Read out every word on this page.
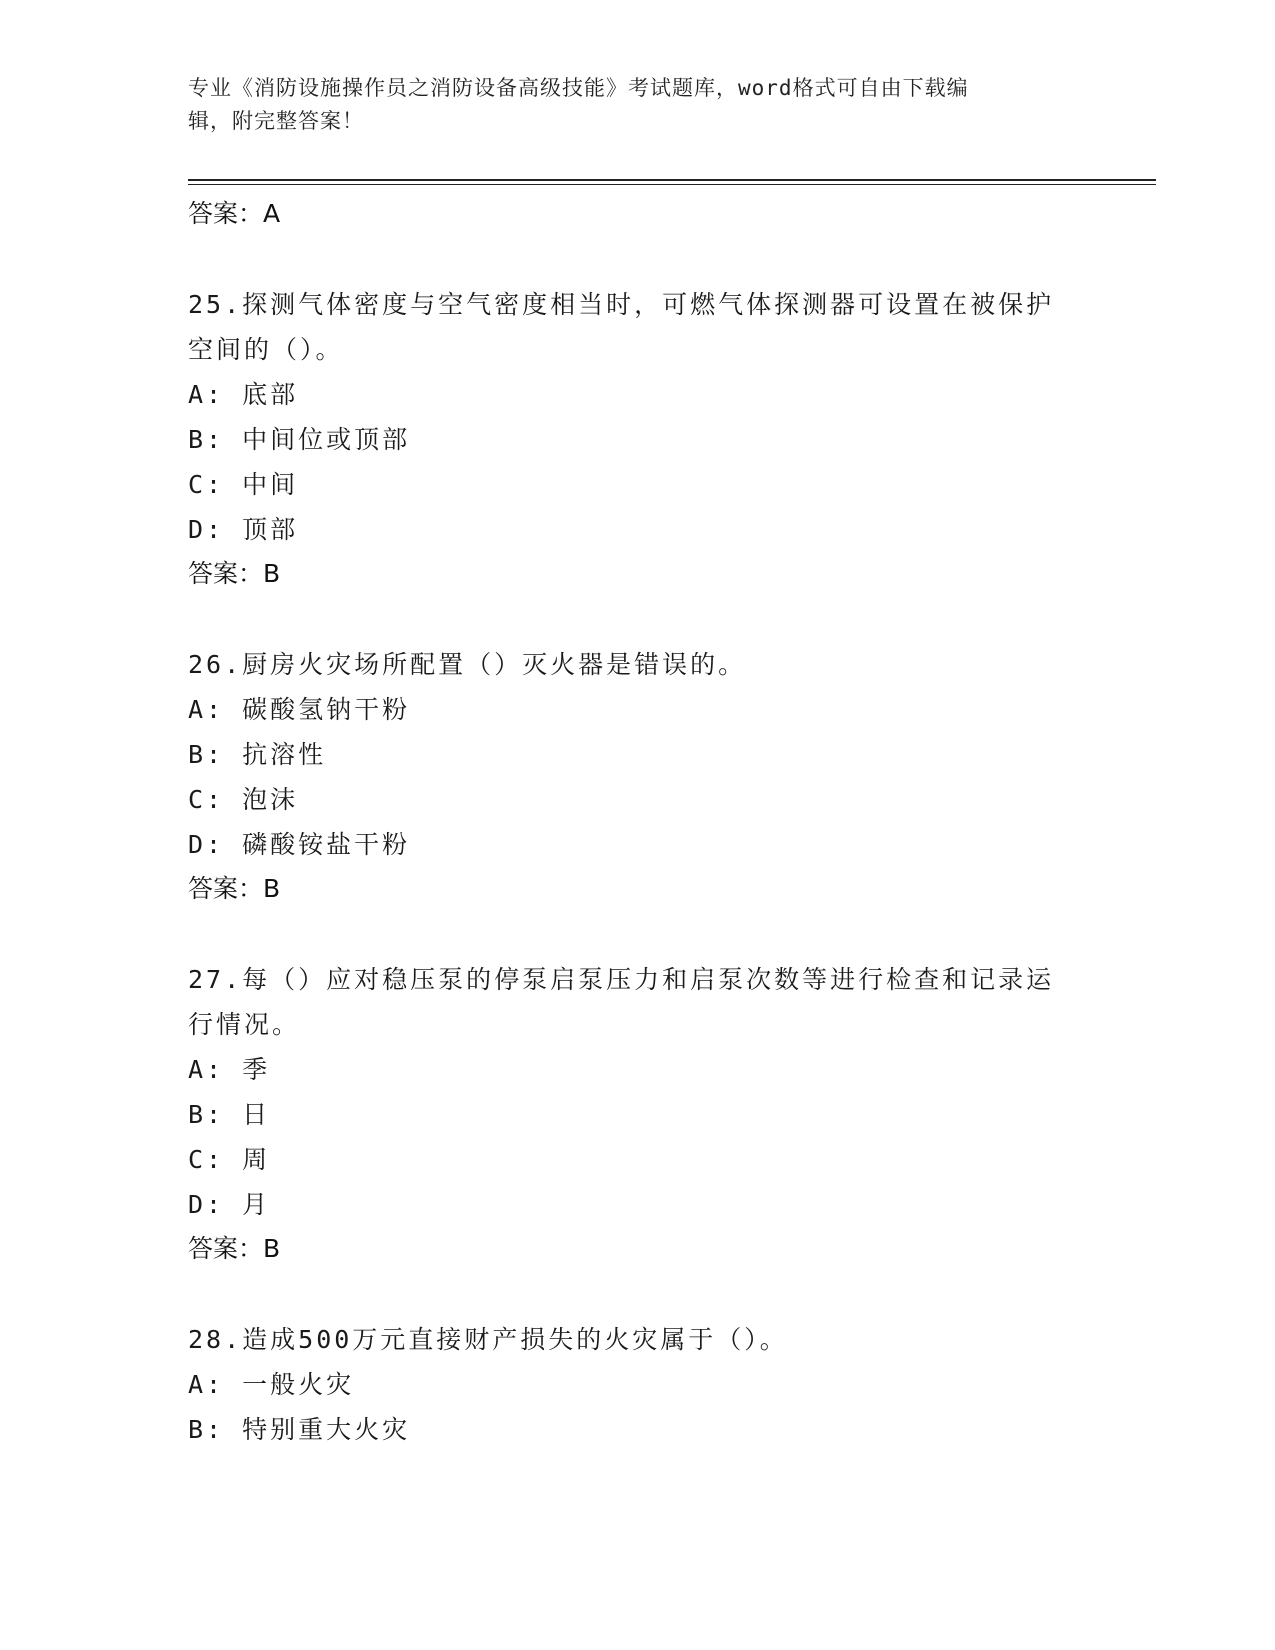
专业《消防设施操作员之消防设备高级技能》考试题库，word格式可自由下载编
辑，附完整答案！

答案：A

25.探测气体密度与空气密度相当时，可燃气体探测器可设置在被保护

空间的（）。

A: 底部

B: 中间位或顶部

C: 中间

D: 顶部

答案：B

26.厨房火灾场所配置（）灭火器是错误的。

A: 碳酸氢钠干粉

B: 抗溶性

C: 泡沫

D: 磷酸铵盐干粉

答案：B

27.每（）应对稳压泵的停泵启泵压力和启泵次数等进行检查和记录运

行情况。

A: 季

B: 日

C: 周

D: 月

答案：B

28.造成500万元直接财产损失的火灾属于（）。

A: 一般火灾

B: 特别重大火灾
